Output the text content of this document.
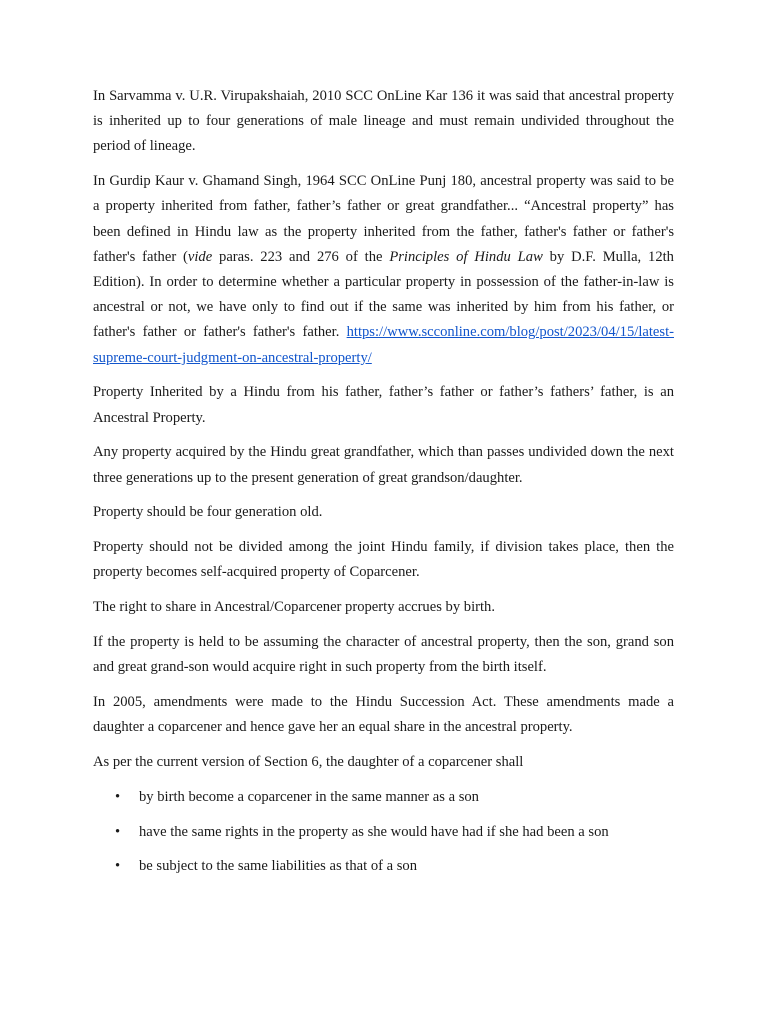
In Sarvamma v. U.R. Virupakshaiah, 2010 SCC OnLine Kar 136 it was said that ancestral property is inherited up to four generations of male lineage and must remain undivided throughout the period of lineage.

In Gurdip Kaur v. Ghamand Singh, 1964 SCC OnLine Punj 180, ancestral property was said to be a property inherited from father, father’s father or great grandfather... “Ancestral property” has been defined in Hindu law as the property inherited from the father, father's father or father's father's father (vide paras. 223 and 276 of the Principles of Hindu Law by D.F. Mulla, 12th Edition). In order to determine whether a particular property in possession of the father-in-law is ancestral or not, we have only to find out if the same was inherited by him from his father, or father's father or father's father's father. https://www.scconline.com/blog/post/2023/04/15/latest-supreme-court-judgment-on-ancestral-property/

Property Inherited by a Hindu from his father, father’s father or father’s fathers’ father, is an Ancestral Property.

Any property acquired by the Hindu great grandfather, which than passes undivided down the next three generations up to the present generation of great grandson/daughter.

Property should be four generation old.

Property should not be divided among the joint Hindu family, if division takes place, then the property becomes self-acquired property of Coparcener.

The right to share in Ancestral/Coparcener property accrues by birth.

If the property is held to be assuming the character of ancestral property, then the son, grand son and great grand-son would acquire right in such property from the birth itself.

In 2005, amendments were made to the Hindu Succession Act. These amendments made a daughter a coparcener and hence gave her an equal share in the ancestral property.

As per the current version of Section 6, the daughter of a coparcener shall

• by birth become a coparcener in the same manner as a son
• have the same rights in the property as she would have had if she had been a son
• be subject to the same liabilities as that of a son
